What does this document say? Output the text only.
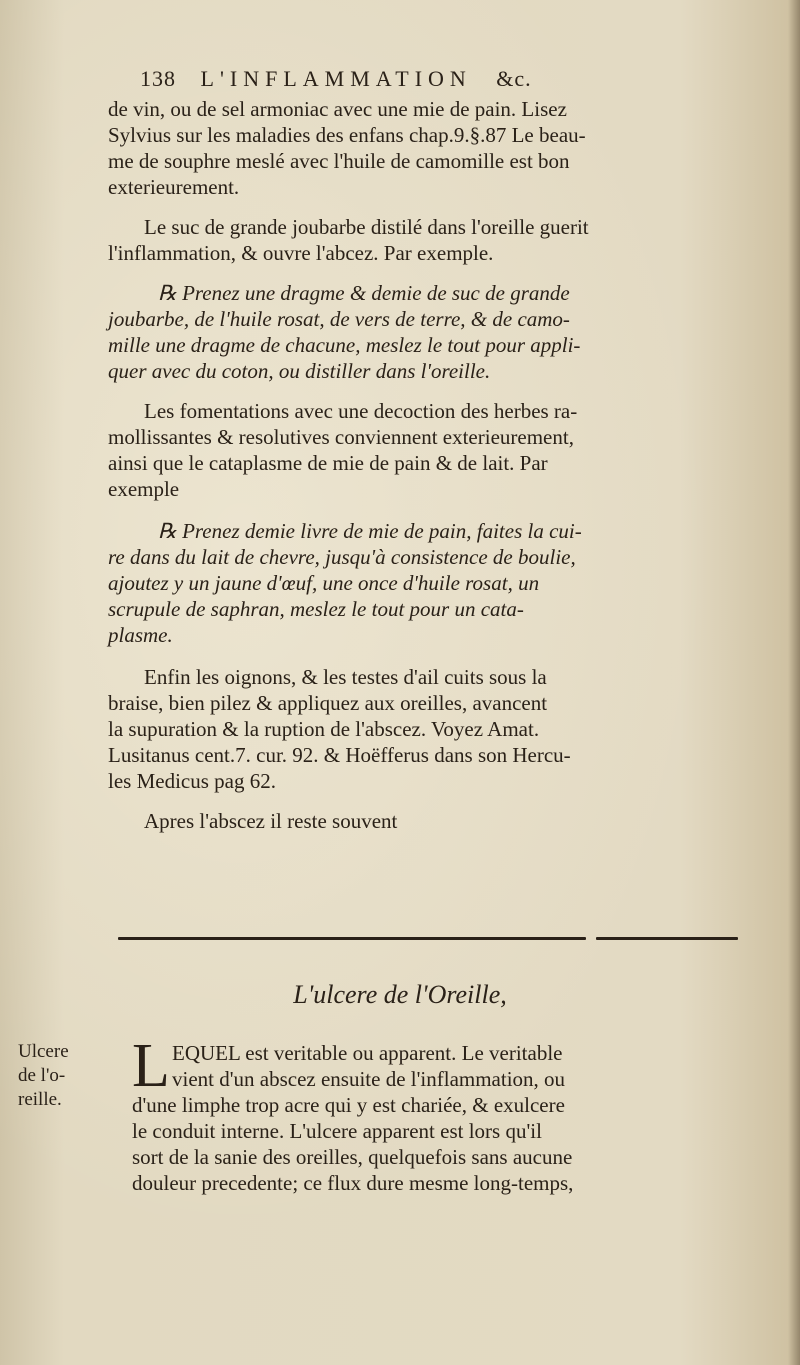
138 L'INFLAMMATION &c.
de vin, ou de sel armoniac avec une mie de pain. Lisez
Sylvius sur les maladies des enfans chap.9.§.87 Le beau-
me de souphre meslé avec l'huile de camomille est bon
exterieurement.
Le suc de grande joubarbe distilé dans l'oreille guerit
l'inflammation, & ouvre l'abcez. Par exemple.
℞ Prenez une dragme & demie de suc de grande
joubarbe, de l'huile rosat, de vers de terre, & de camo-
mille une dragme de chacune, meslez le tout pour appli-
quer avec du coton, ou distiller dans l'oreille.
Les fomentations avec une decoction des herbes ra-
mollissantes & resolutives conviennent exterieurement,
ainsi que le cataplasme de mie de pain & de lait. Par
exemple
℞ Prenez demie livre de mie de pain, faites la cui-
re dans du lait de chevre, jusqu'à consistence de boulie,
ajoutez y un jaune d'œuf, une once d'huile rosat, un
scrupule de saphran, meslez le tout pour un cata-
plasme.
Enfin les oignons, & les testes d'ail cuits sous la
braise, bien pilez & appliquez aux oreilles, avancent
la supuration & la ruption de l'abscez. Voyez Amat.
Lusitanus cent.7. cur. 92. & Hoëfferus dans son Hercu-
les Medicus pag 62.
Apres l'abscez il reste souvent
L'ulcere de l'Oreille,
Ulcere
de l'o-
reille.	L EQUEL est veritable ou apparent. Le veritable
vient d'un abscez ensuite de l'inflammation, ou
d'une limphe trop acre qui y est chariée, & exulcere
le conduit interne. L'ulcere apparent est lors qu'il
sort de la sanie des oreilles, quelquefois sans aucune
douleur precedente; ce flux dure mesme long-temps,
